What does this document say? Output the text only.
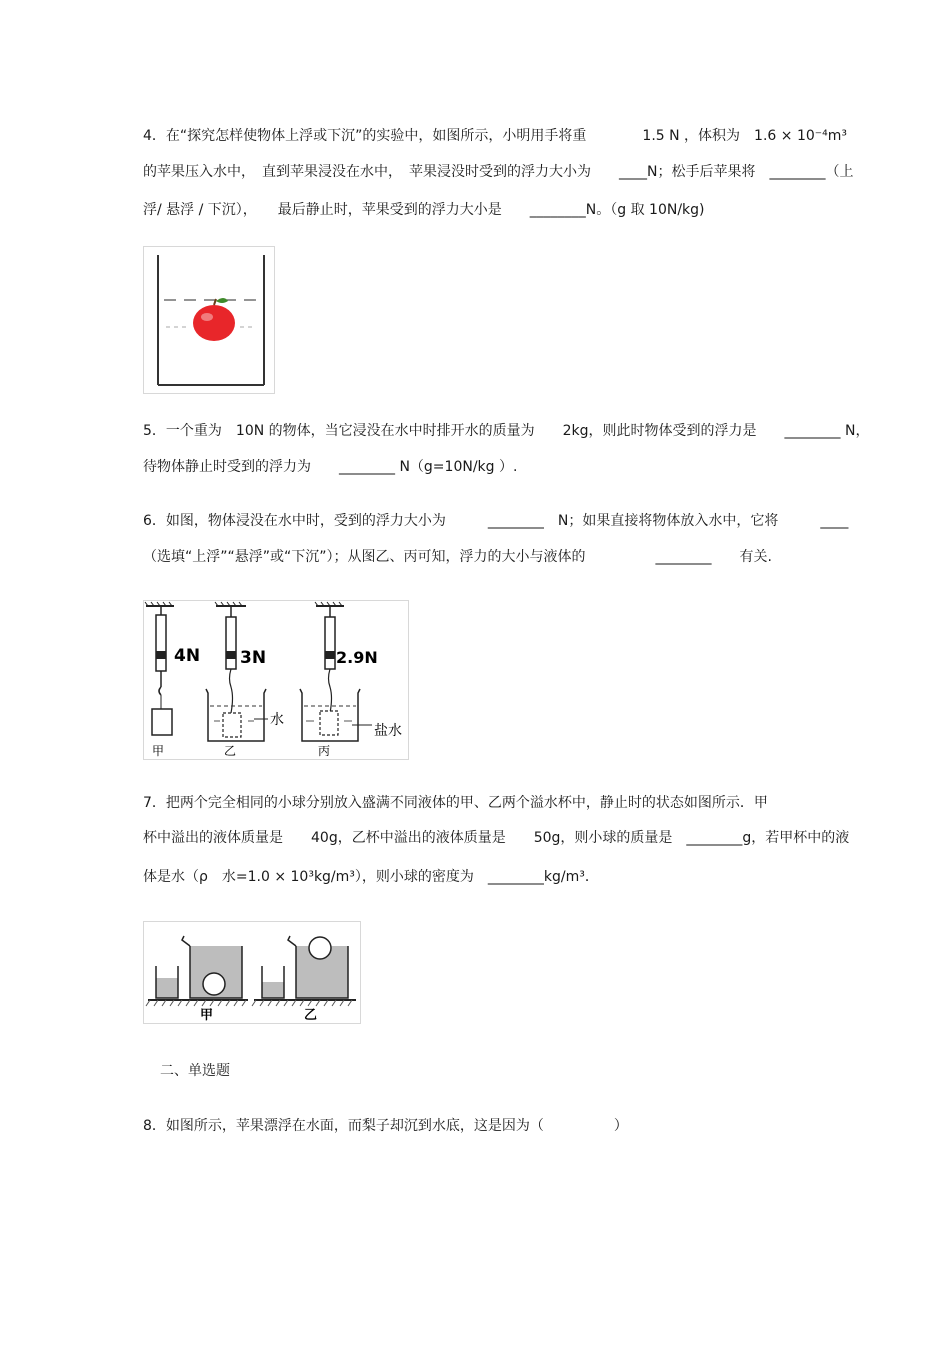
4．在“探究怎样使物体上浮或下沉”的实验中，如图所示，小明用手将重　　　　1.5 N ，体积为　1.6 × 10⁻⁴m³
的苹果压入水中，　直到苹果浸没在水中，　苹果浸没时受到的浮力大小为　　____N；松手后苹果将　________（上
浮/ 悬浮 / 下沉），　　最后静止时，苹果受到的浮力大小是　　________N。（g 取 10N/kg)
5．一个重为　10N 的物体，当它浸没在水中时排开水的质量为　　2kg，则此时物体受到的浮力是　　________ N，
待物体静止时受到的浮力为　　________ N（g=10N/kg ）.
6．如图，物体浸没在水中时，受到的浮力大小为　　　________　N；如果直接将物体放入水中，它将　　　____
（选填“上浮”“悬浮”或“下沉”）；从图乙、丙可知，浮力的大小与液体的　　　　　________　　有关.
4N
甲
3N
水
乙
2.9N
盐水
丙
7．把两个完全相同的小球分别放入盛满不同液体的甲、乙两个溢水杯中，静止时的状态如图所示．甲
杯中溢出的液体质量是　　40g，乙杯中溢出的液体质量是　　50g，则小球的质量是　________g，若甲杯中的液
体是水（ρ　水=1.0 × 10³kg/m³），则小球的密度为　________kg/m³．
甲	乙
二、单选题
8．如图所示，苹果漂浮在水面，而梨子却沉到水底，这是因为（　　　　　）
